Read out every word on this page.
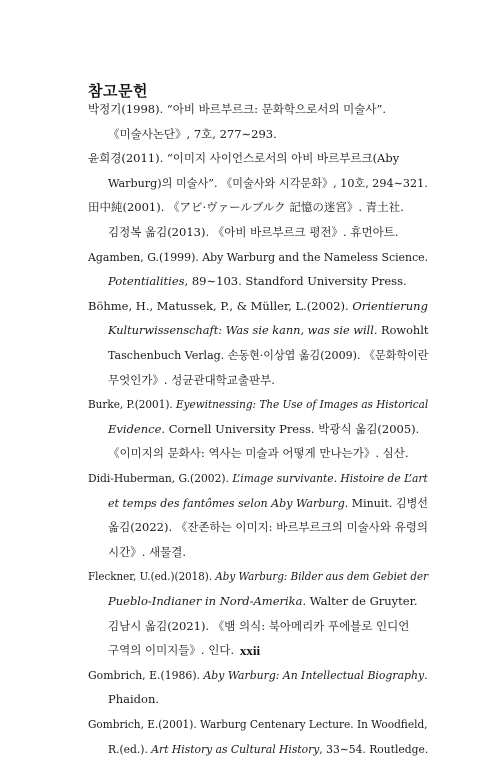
참고문헌
박정기(1998). “아비 바르부르크: 문화학으로서의 미술사”.
《미술사논단》, 7호, 277∼293.
윤희경(2011). “이미지 사이언스로서의 아비 바르부르크(Aby
Warburg)의 미술사”. 《미술사와 시각문화》, 10호, 294∼321.
田中純(2001). 《アビ·ヴァールブルク 記憶の迷宮》. 青土社.
김정복 옮김(2013). 《아비 바르부르크 평전》. 휴먼아트.
Agamben, G.(1999). Aby Warburg and the Nameless Science.
Potentialities, 89∼103. Standford University Press.
Böhme, H., Matussek, P., & Müller, L.(2002). Orientierung
Kulturwissenschaft: Was sie kann, was sie will. Rowohlt
Taschenbuch Verlag. 손동현·이상엽 옮김(2009). 《문화학이란
무엇인가》. 성균관대학교출판부.
Burke, P.(2001). Eyewitnessing: The Use of Images as Historical
Evidence. Cornell University Press. 박광식 옮김(2005).
《이미지의 문화사: 역사는 미술과 어떻게 만나는가》. 심산.
Didi-Huberman, G.(2002). L’image survivante. Histoire de L’art
et temps des fantômes selon Aby Warburg. Minuit. 김병선
옮김(2022). 《잔존하는 이미지: 바르부르크의 미술사와 유령의
시간》. 새물결.
Fleckner, U.(ed.)(2018). Aby Warburg: Bilder aus dem Gebiet der
Pueblo-Indianer in Nord-Amerika. Walter de Gruyter.
김남시 옮김(2021). 《뱀 의식: 북아메리카 푸에블로 인디언
구역의 이미지들》. 인다.
Gombrich, E.(1986). Aby Warburg: An Intellectual Biography.
Phaidon.
Gombrich, E.(2001). Warburg Centenary Lecture. In Woodfield,
R.(ed.). Art History as Cultural History, 33∼54. Routledge.
xxii
